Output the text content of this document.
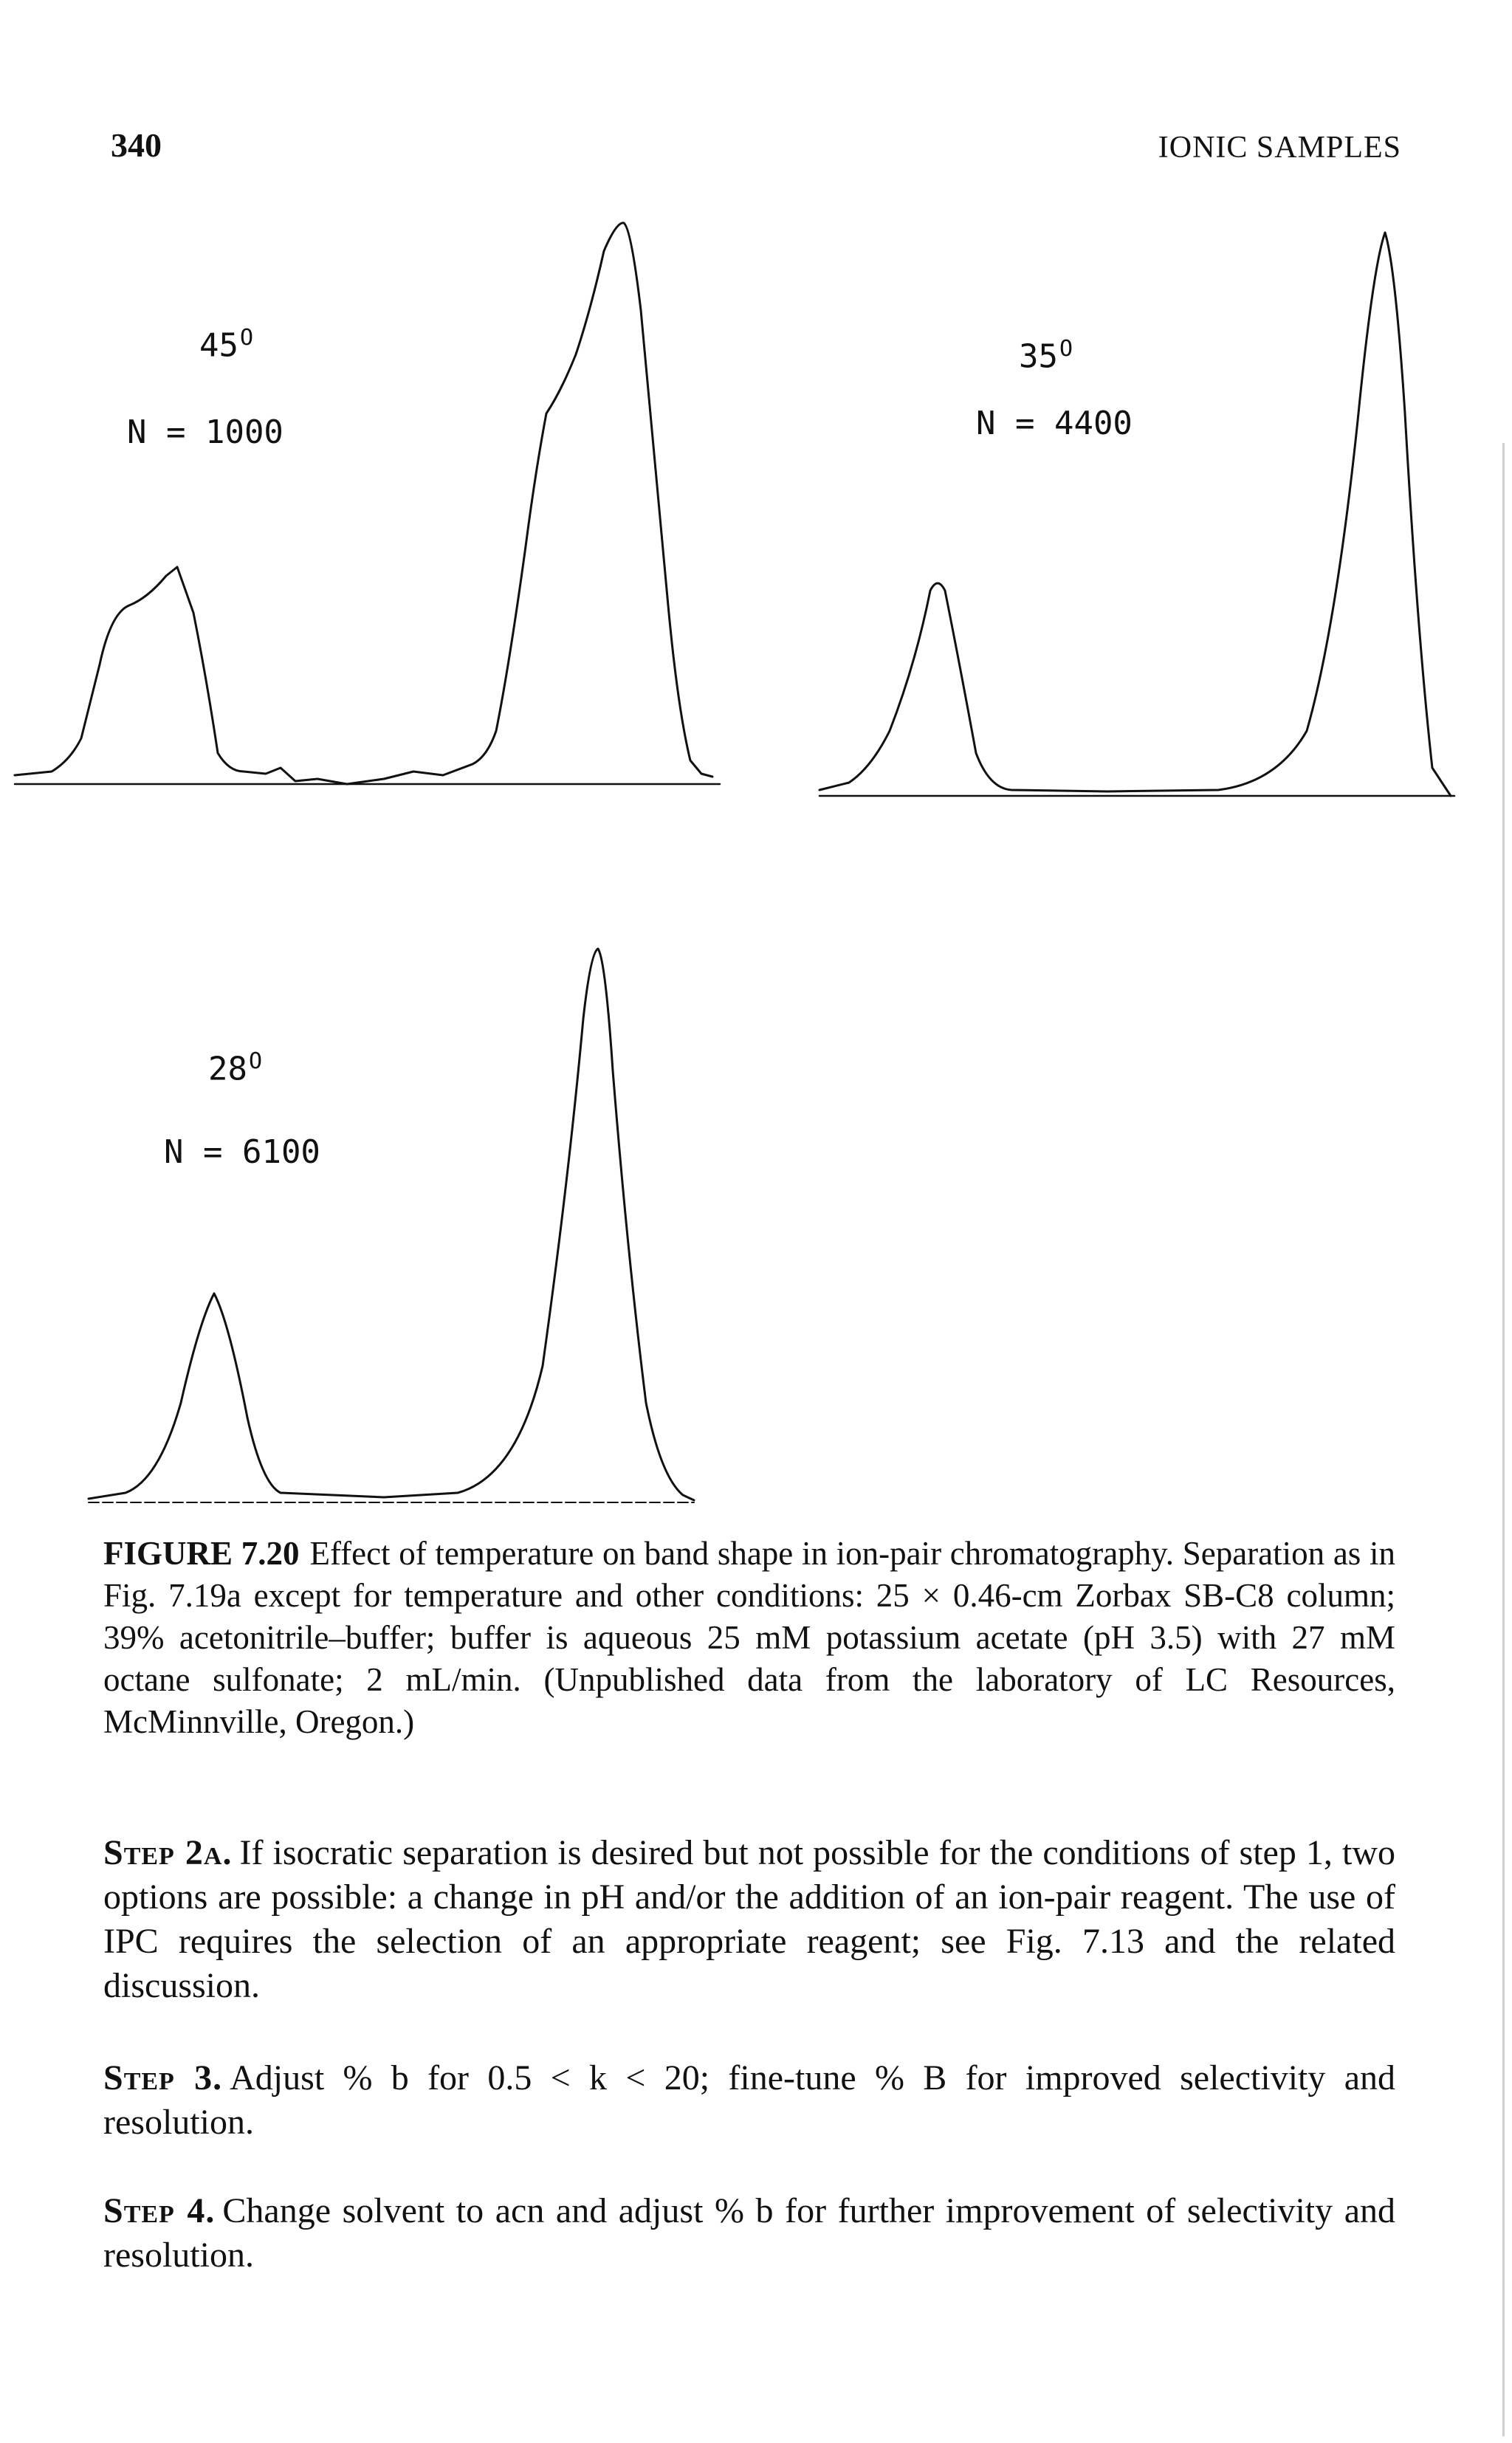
340	IONIC SAMPLES
$45^O$
N = 1000
$35^O$
N = 4400
$28^O$
N = 6100
FIGURE 7.20 Effect of temperature on band shape in ion-pair chromatography. Separation as in Fig. 7.19a except for temperature and other conditions: 25 × 0.46-cm Zorbax SB-C8 column; 39% acetonitrile–buffer; buffer is aqueous 25 mM potassium acetate (pH 3.5) with 27 mM octane sulfonate; 2 mL/min. (Unpublished data from the laboratory of LC Resources, McMinnville, Oregon.)
Step 2a. If isocratic separation is desired but not possible for the conditions of step 1, two options are possible: a change in pH and/or the addition of an ion-pair reagent. The use of IPC requires the selection of an appropriate reagent; see Fig. 7.13 and the related discussion.
Step 3. Adjust % b for 0.5 < k < 20; fine-tune % B for improved selectivity and resolution.
Step 4. Change solvent to acn and adjust % b for further improvement of selectivity and resolution.
